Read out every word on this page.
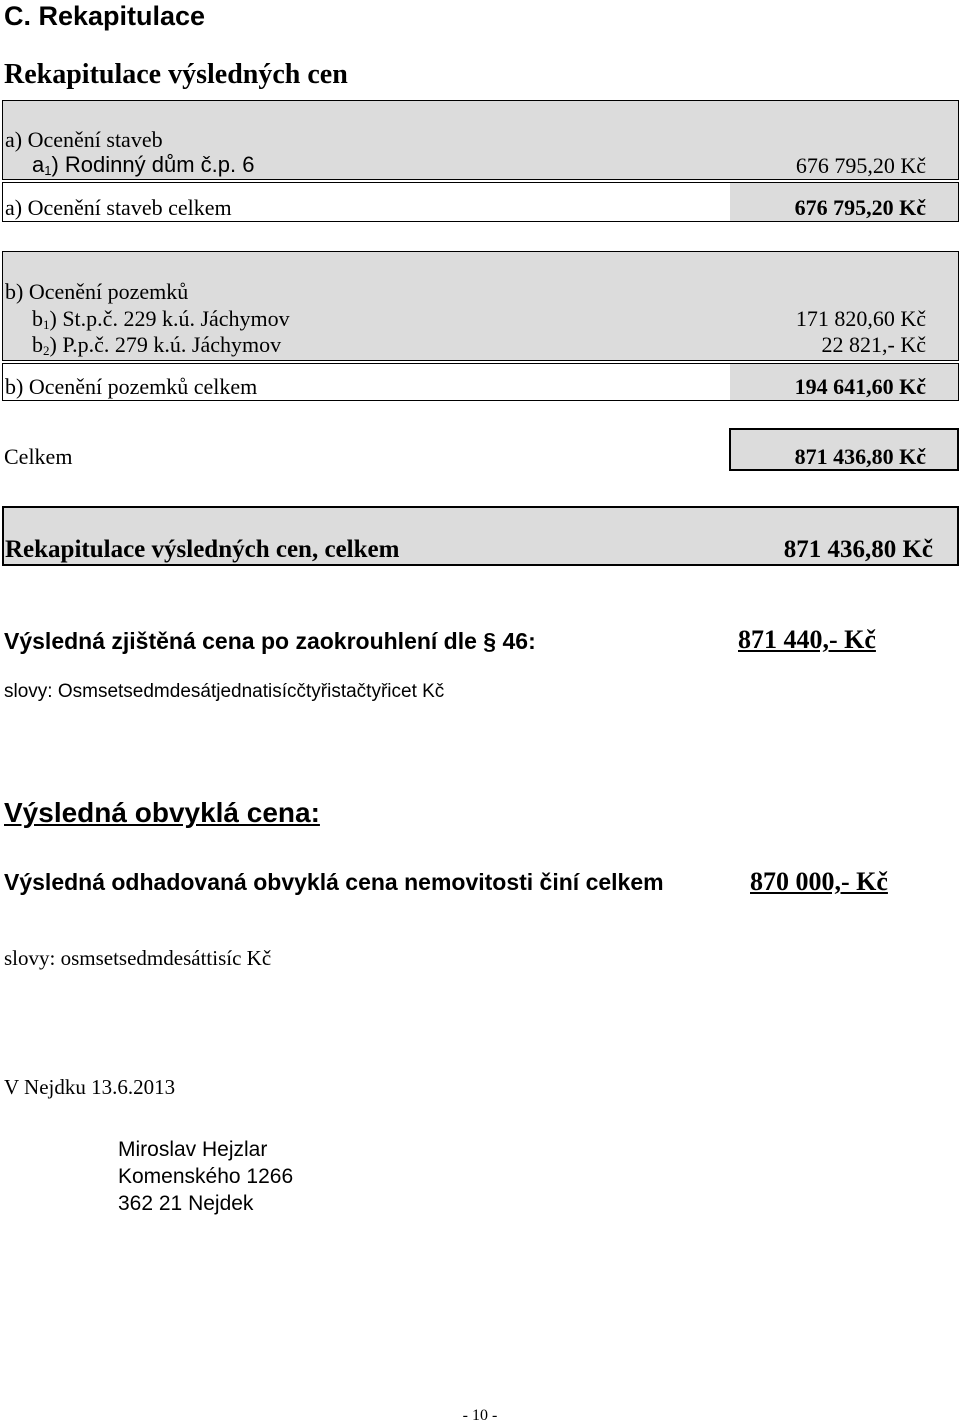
C. Rekapitulace
Rekapitulace výsledných cen
a) Ocenění staveb
$a_1$) Rodinný dům č.p. 6	676 795,20 Kč
a) Ocenění staveb celkem	676 795,20 Kč
b) Ocenění pozemků
$b_1$) St.p.č. 229 k.ú. Jáchymov	171 820,60 Kč
$b_2$) P.p.č. 279 k.ú. Jáchymov	22 821,- Kč
b) Ocenění pozemků celkem	194 641,60 Kč
Celkem	871 436,80 Kč
Rekapitulace výsledných cen, celkem	871 436,80 Kč
Výsledná zjištěná cena po zaokrouhlení dle § 46:	871 440,- Kč
slovy: Osmsetsedmdesátjednatisícčtyřistačtyřicet Kč
Výsledná obvyklá cena:
Výsledná odhadovaná obvyklá cena nemovitosti činí celkem	870 000,- Kč
slovy: osmsetsedmdesáttisíc Kč
V Nejdku 13.6.2013
Miroslav Hejzlar
Komenského 1266
362 21 Nejdek
- 10 -
